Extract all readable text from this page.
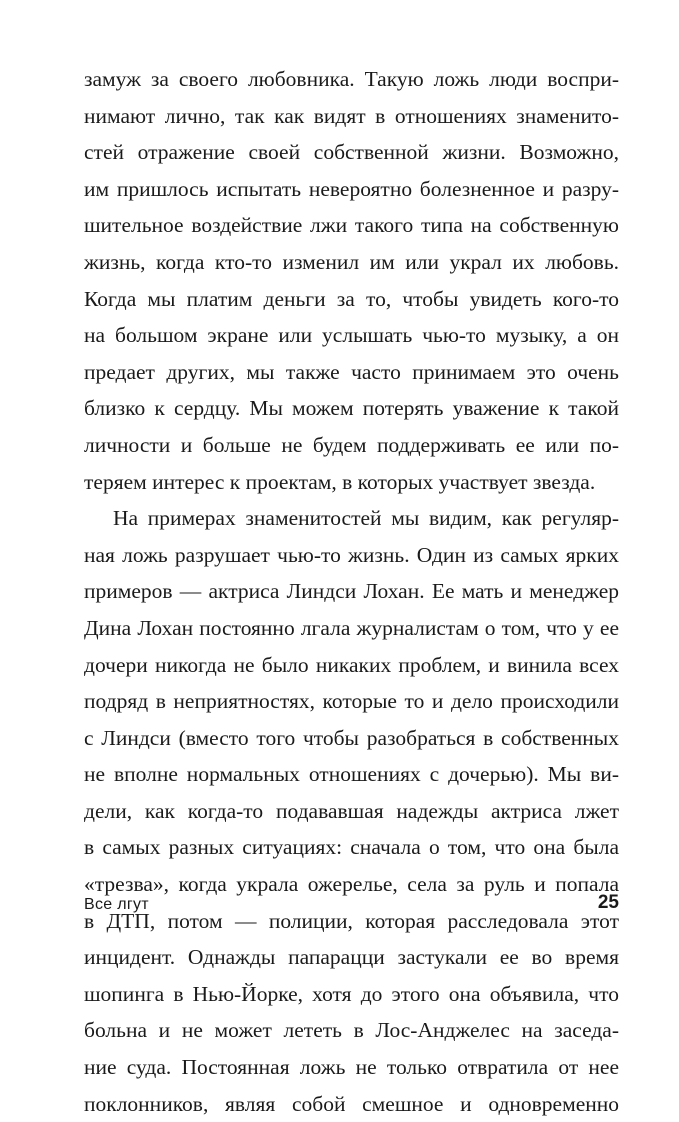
замуж за своего любовника. Такую ложь люди воспри-
нимают лично, так как видят в отношениях знаменито-
стей отражение своей собственной жизни. Возможно,
им пришлось испытать невероятно болезненное и разру-
шительное воздействие лжи такого типа на собственную
жизнь, когда кто-то изменил им или украл их любовь.
Когда мы платим деньги за то, чтобы увидеть кого-то
на большом экране или услышать чью-то музыку, а он
предает других, мы также часто принимаем это очень
близко к сердцу. Мы можем потерять уважение к такой
личности и больше не будем поддерживать ее или по-
теряем интерес к проектам, в которых участвует звезда.
На примерах знаменитостей мы видим, как регуляр-
ная ложь разрушает чью-то жизнь. Один из самых ярких
примеров — актриса Линдси Лохан. Ее мать и менеджер
Дина Лохан постоянно лгала журналистам о том, что у ее
дочери никогда не было никаких проблем, и винила всех
подряд в неприятностях, которые то и дело происходили
с Линдси (вместо того чтобы разобраться в собственных
не вполне нормальных отношениях с дочерью). Мы ви-
дели, как когда-то подававшая надежды актриса лжет
в самых разных ситуациях: сначала о том, что она была
«трезва», когда украла ожерелье, села за руль и попала
в ДТП, потом — полиции, которая расследовала этот
инцидент. Однажды папарацци застукали ее во время
шопинга в Нью-Йорке, хотя до этого она объявила, что
больна и не может лететь в Лос-Анджелес на заседа-
ние суда. Постоянная ложь не только отвратила от нее
поклонников, являя собой смешное и одновременно
Все лгут	25
